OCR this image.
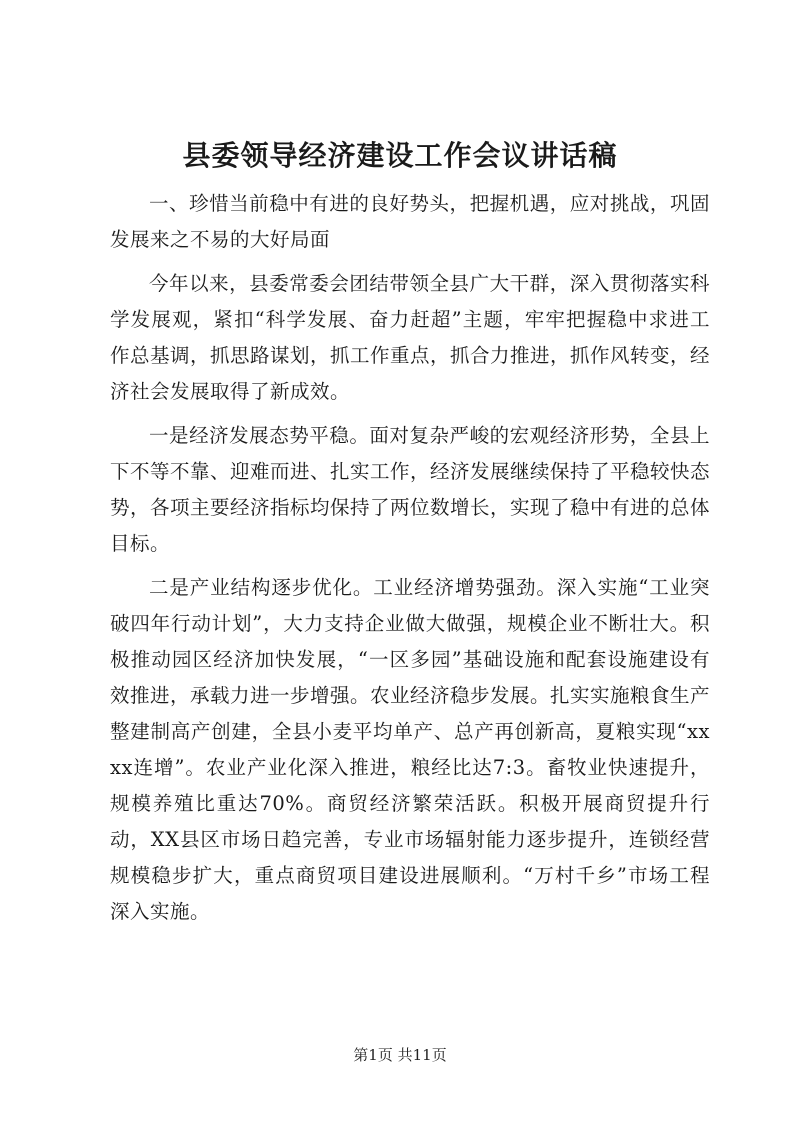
县委领导经济建设工作会议讲话稿

一、珍惜当前稳中有进的良好势头，把握机遇，应对挑战，巩固发展来之不易的大好局面

今年以来，县委常委会团结带领全县广大干群，深入贯彻落实科学发展观，紧扣“科学发展、奋力赶超”主题，牢牢把握稳中求进工作总基调，抓思路谋划，抓工作重点，抓合力推进，抓作风转变，经济社会发展取得了新成效。

一是经济发展态势平稳。面对复杂严峻的宏观经济形势，全县上下不等不靠、迎难而进、扎实工作，经济发展继续保持了平稳较快态势，各项主要经济指标均保持了两位数增长，实现了稳中有进的总体目标。

二是产业结构逐步优化。工业经济增势强劲。深入实施“工业突破四年行动计划”，大力支持企业做大做强，规模企业不断壮大。积极推动园区经济加快发展，“一区多园”基础设施和配套设施建设有效推进，承载力进一步增强。农业经济稳步发展。扎实实施粮食生产整建制高产创建，全县小麦平均单产、总产再创新高，夏粮实现“xxxx连增”。农业产业化深入推进，粮经比达7:3。畜牧业快速提升，规模养殖比重达70%。商贸经济繁荣活跃。积极开展商贸提升行动，XX县区市场日趋完善，专业市场辐射能力逐步提升，连锁经营规模稳步扩大，重点商贸项目建设进展顺利。“万村千乡”市场工程深入实施。

第1页 共11页
